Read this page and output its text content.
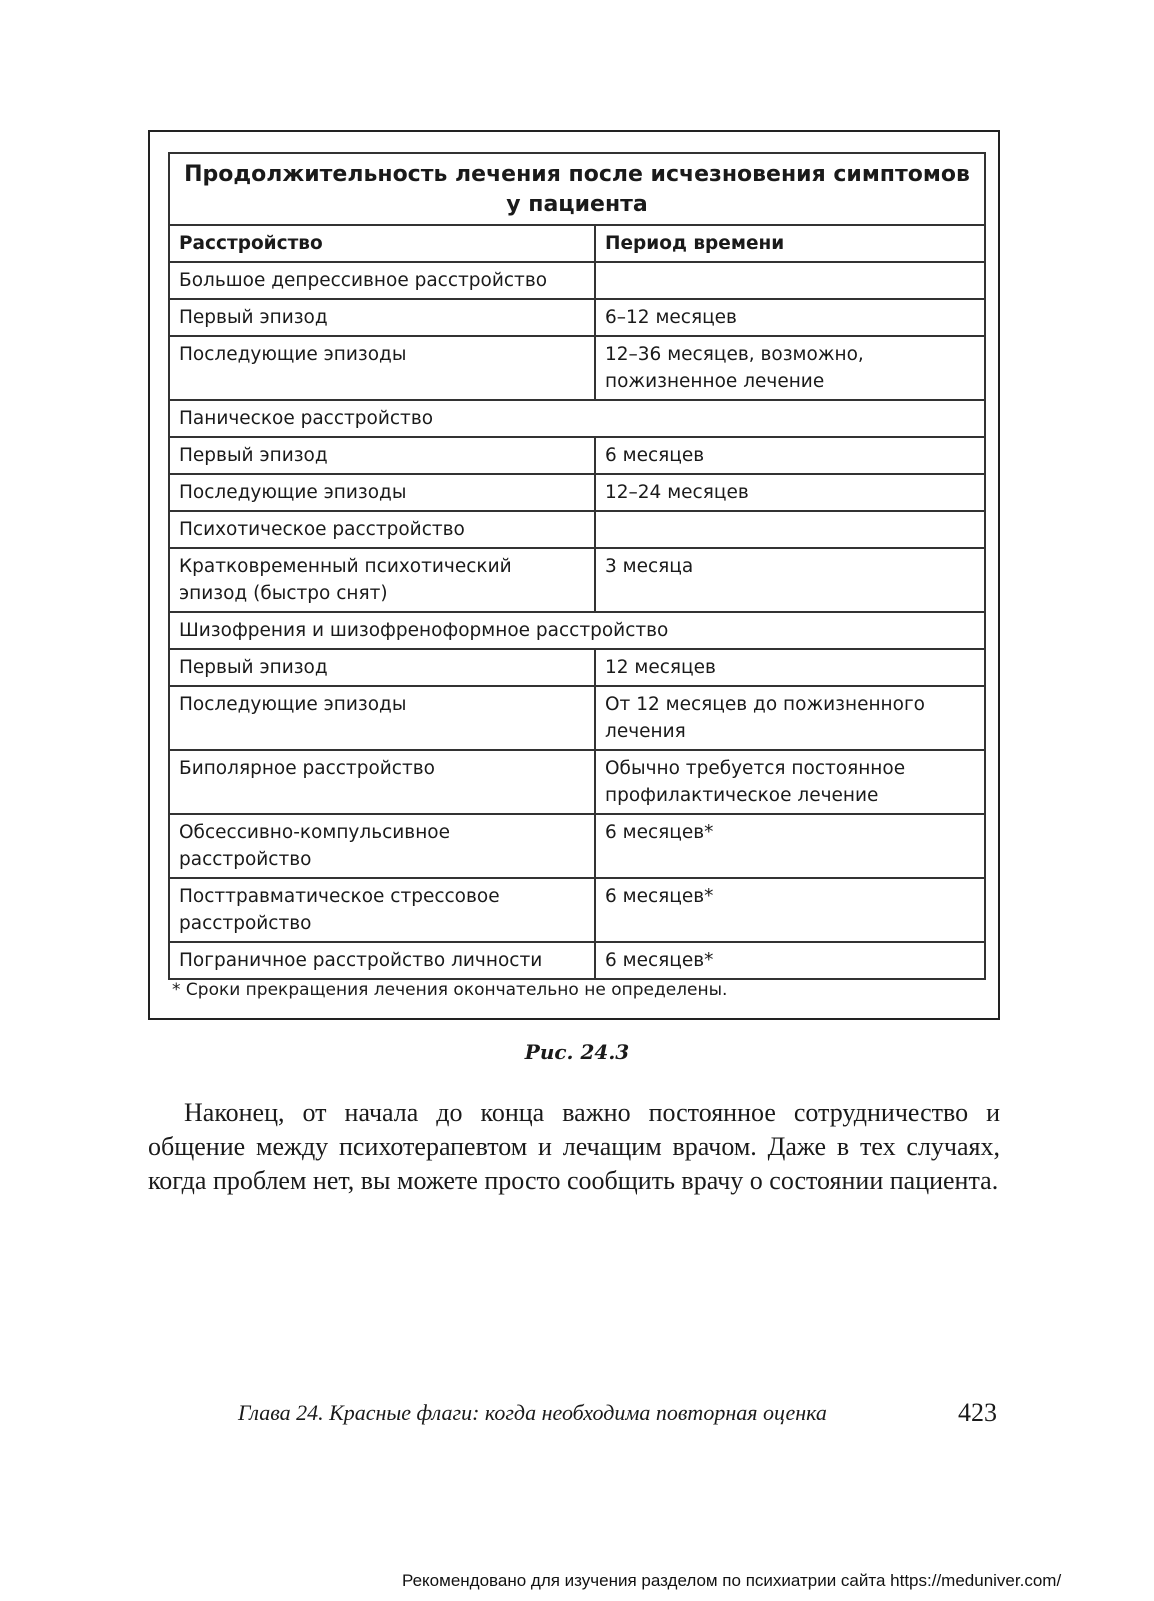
Продолжительность лечения после исчезновения симптомов у пациента	
Расстройство	Период времени
Большое депрессивное расстройство	
Первый эпизод	6–12 месяцев
Последующие эпизоды	12–36 месяцев, возможно, пожизненное лечение
Паническое расстройство	
Первый эпизод	6 месяцев
Последующие эпизоды	12–24 месяцев
Психотическое расстройство	
Кратковременный психотический эпизод (быстро снят)	3 месяца
Шизофрения и шизофреноформное расстройство	
Первый эпизод	12 месяцев
Последующие эпизоды	От 12 месяцев до пожизненного лечения
Биполярное расстройство	Обычно требуется постоянное профилактическое лечение
Обсессивно-компульсивное расстройство	6 месяцев*
Посттравматическое стрессовое расстройство	6 месяцев*
Пограничное расстройство личности	6 месяцев*
* Сроки прекращения лечения окончательно не определены.
Рис. 24.3
Наконец, от начала до конца важно постоянное сотрудничество и общение между психотерапевтом и лечащим врачом. Даже в тех случаях, когда проблем нет, вы можете просто сообщить врачу о состоянии пациента.
Глава 24. Красные флаги: когда необходима повторная оценка	423
Рекомендовано для изучения разделом по психиатрии сайта https://meduniver.com/
